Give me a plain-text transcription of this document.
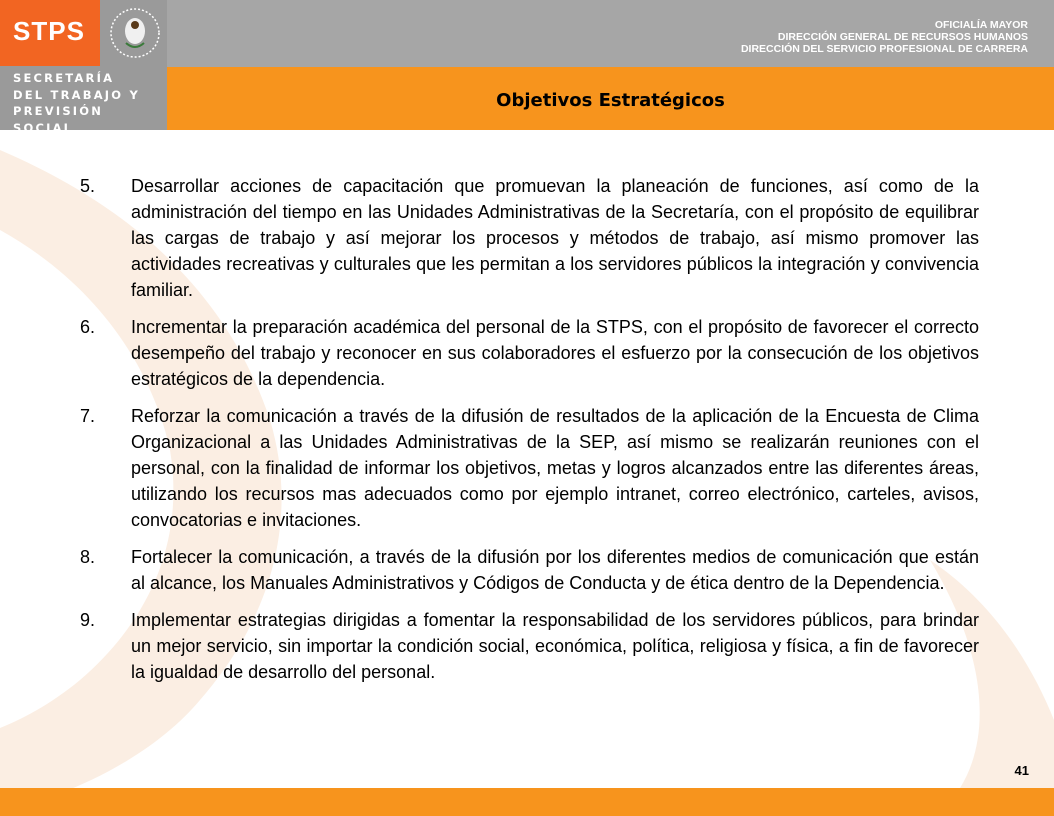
STPS
SECRETARÍA
DEL TRABAJO Y
PREVISIÓN SOCIAL
OFICIALÍA MAYOR
DIRECCIÓN GENERAL DE RECURSOS HUMANOS
DIRECCIÓN DEL SERVICIO PROFESIONAL DE CARRERA
Objetivos Estratégicos
5. Desarrollar acciones de capacitación que promuevan la planeación de funciones, así como de la administración del tiempo en las Unidades Administrativas de la Secretaría, con el propósito de equilibrar las cargas de trabajo y así mejorar los procesos y métodos de trabajo, así mismo promover las actividades recreativas y culturales que les permitan a los servidores públicos la integración y convivencia familiar.
6. Incrementar la preparación académica del personal de la STPS, con el propósito de favorecer el correcto desempeño del trabajo y reconocer en sus colaboradores el esfuerzo por la consecución de los objetivos estratégicos de la dependencia.
7. Reforzar la comunicación a través de la difusión de resultados de la aplicación de la Encuesta de Clima Organizacional a las Unidades Administrativas de la SEP, así mismo se realizarán reuniones con el personal, con la finalidad de informar los objetivos, metas y logros alcanzados entre las diferentes áreas, utilizando los recursos mas adecuados como por ejemplo intranet, correo electrónico, carteles, avisos, convocatorias e invitaciones.
8. Fortalecer la comunicación, a través de la difusión por los diferentes medios de comunicación que están al alcance, los Manuales Administrativos y Códigos de Conducta y de ética dentro de la Dependencia.
9. Implementar estrategias dirigidas a fomentar la responsabilidad de los servidores públicos, para brindar un mejor servicio, sin importar la condición social, económica, política, religiosa y física, a fin de favorecer la igualdad de desarrollo del personal.
41
